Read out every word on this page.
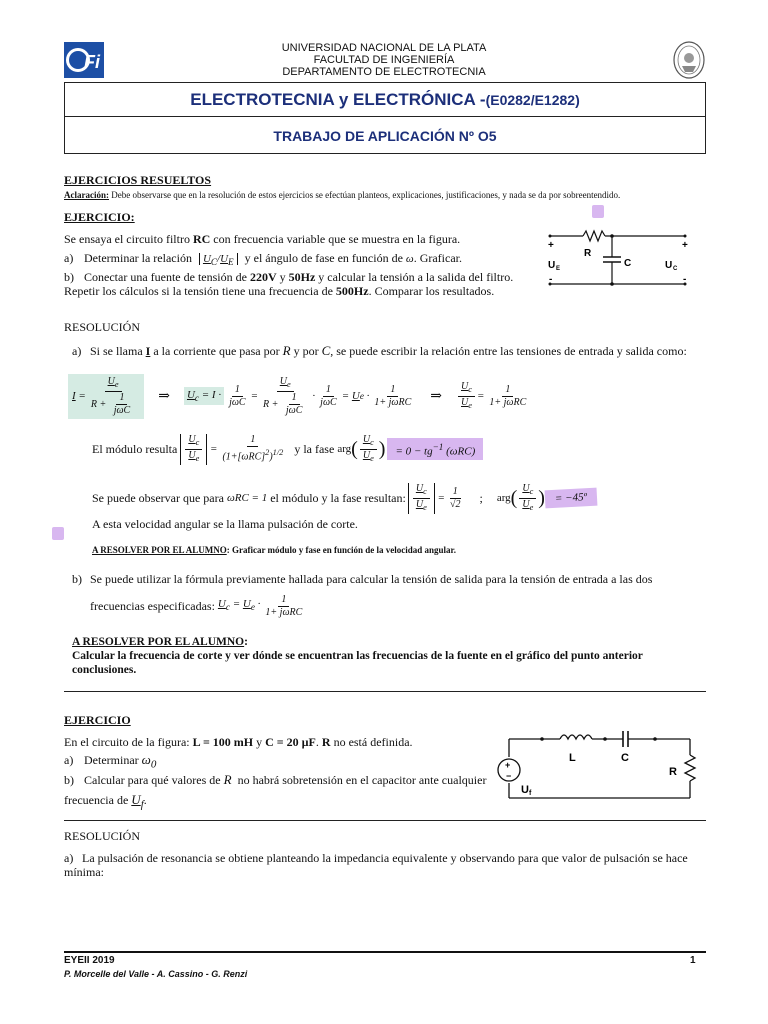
Fi
UNIVERSIDAD NACIONAL DE LA PLATA
FACULTAD DE INGENIERÍA
DEPARTAMENTO DE ELECTROTECNIA
ELECTROTECNIA y ELECTRÓNICA - (E0282/E1282)
TRABAJO DE APLICACIÓN Nº O5
EJERCICIOS RESUELTOS
Aclaración: Debe observarse que en la resolución de estos ejercicios se efectúan planteos, explicaciones, justificaciones, y nada se da por sobreentendido.
EJERCICIO:
Se ensaya el circuito filtro RC con frecuencia variable que se muestra en la figura.
a) Determinar la relación $U_C/U_E$ y el ángulo de fase en función de ω. Graficar.
b) Conectar una fuente de tensión de 220V y 50Hz y calcular la tensión a la salida del filtro. Repetir los cálculos si la tensión tiene una frecuencia de 500Hz. Comparar los resultados.
+
-
+
-
R
C
U E	U C
RESOLUCIÓN
a) Si se llama I a la corriente que pasa por R y por C, se puede escribir la relación entre las tensiones de entrada y salida como:
I
= $\frac{U_e}{R + \frac{1}{\text{jωC}}}$ ⇒ $U_c = I \cdot \frac{1}{\text{jωC}} = \frac{U_e}{R + \frac{1}{\text{jωC}}} \cdot \frac{1}{\text{jωC}}$ =
U e
· $\frac{1}{\text{1+ jωRC}}$ ⇒ $\frac{U_c}{U_e} = \frac{1}{\text{1+ jωRC}}$
El módulo resulta
$\frac{U_c}{U_e} = \frac{1}{(1+[\omega RC]^2)^{1/2}}$
y la fase
arg ( $\frac{U_c}{U_e}$ ) = $0 - tg^{-1}$ (ωRC)
Se puede observar que para
ωRC = 1
el módulo y la fase resultan: $\frac{U_c}{U_e} = \frac{1}{√2}$ ; arg ( $\frac{U_c}{U_e}$ ) = −45º
A esta velocidad angular se la llama pulsación de corte.
A RESOLVER POR EL ALUMNO: Graficar módulo y fase en función de la velocidad angular.
b) Se puede utilizar la fórmula previamente hallada para calcular la tensión de salida para la tensión de entrada a las dos
frecuencias especificadas:
$U_c = U_e \cdot \frac{1}{\text{1+ jωRC}}$
A RESOLVER POR EL ALUMNO:
Calcular la frecuencia de corte y ver dónde se encuentran las frecuencias de la fuente en el gráfico del punto anterior conclusiones.
EJERCICIO
En el circuito de la figura: L = 100 mH y C = 20 µF. R no está definida.
a) Determinar $\omega_0$
b) Calcular para qué valores de R no habrá sobretensión en el capacitor ante cualquier frecuencia de $U_f$.
+
−
L	C
R
U f
RESOLUCIÓN
a) La pulsación de resonancia se obtiene planteando la impedancia equivalente y observando para que valor de pulsación se hace mínima:
EYEII 2019	1
P. Morcelle del Valle - A. Cassino - G. Renzi
